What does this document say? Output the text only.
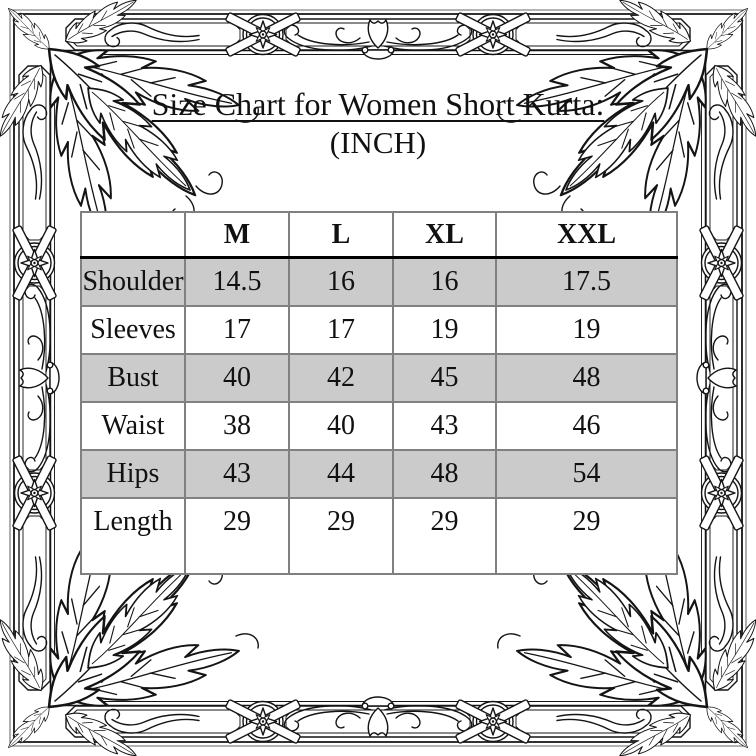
Size Chart for Women Short Kurta:
(INCH)
	M	L	XL	XXL
Shoulder	14.5	16	16	17.5
Sleeves	17	17	19	19
Bust	40	42	45	48
Waist	38	40	43	46
Hips	43	44	48	54
Length	29	29	29	29
